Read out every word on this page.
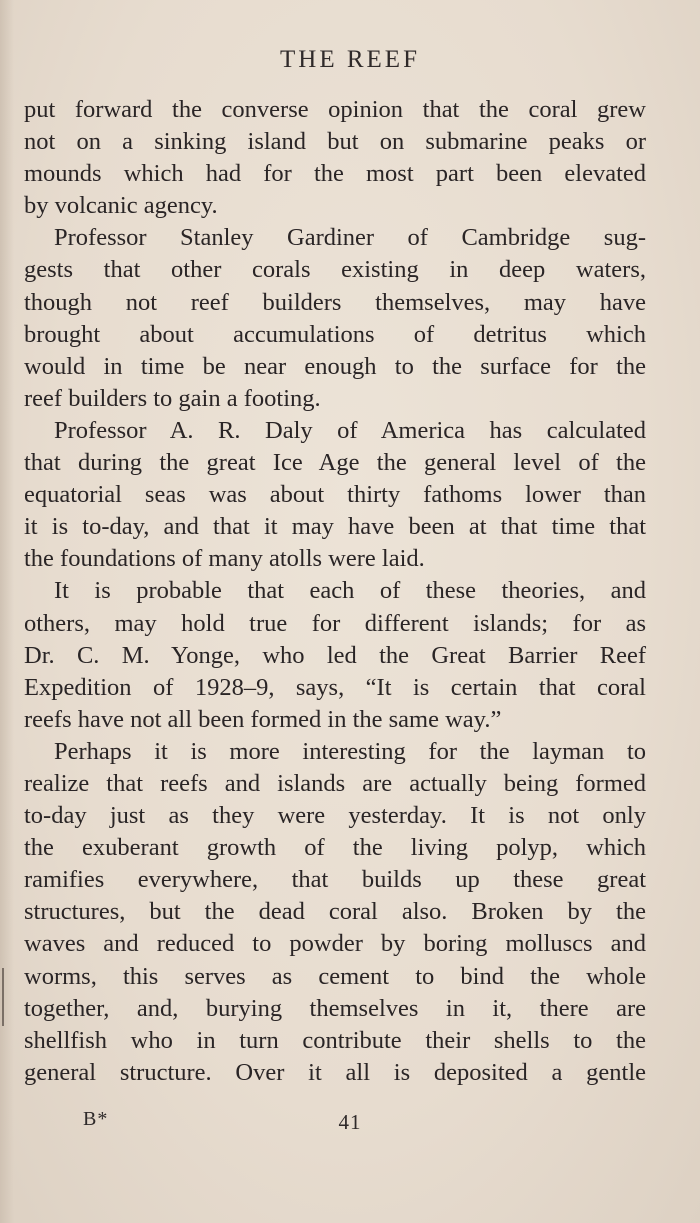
THE REEF
put forward the converse opinion that the coral grew
not on a sinking island but on submarine peaks or
mounds which had for the most part been elevated
by volcanic agency.
Professor Stanley Gardiner of Cambridge sug-
gests that other corals existing in deep waters,
though not reef builders themselves, may have
brought about accumulations of detritus which
would in time be near enough to the surface for the
reef builders to gain a footing.
Professor A. R. Daly of America has calculated
that during the great Ice Age the general level of the
equatorial seas was about thirty fathoms lower than
it is to-day, and that it may have been at that time that
the foundations of many atolls were laid.
It is probable that each of these theories, and
others, may hold true for different islands; for as
Dr. C. M. Yonge, who led the Great Barrier Reef
Expedition of 1928–9, says, “It is certain that coral
reefs have not all been formed in the same way.”
Perhaps it is more interesting for the layman to
realize that reefs and islands are actually being formed
to-day just as they were yesterday. It is not only
the exuberant growth of the living polyp, which
ramifies everywhere, that builds up these great
structures, but the dead coral also. Broken by the
waves and reduced to powder by boring molluscs and
worms, this serves as cement to bind the whole
together, and, burying themselves in it, there are
shellfish who in turn contribute their shells to the
general structure. Over it all is deposited a gentle
B*	41
